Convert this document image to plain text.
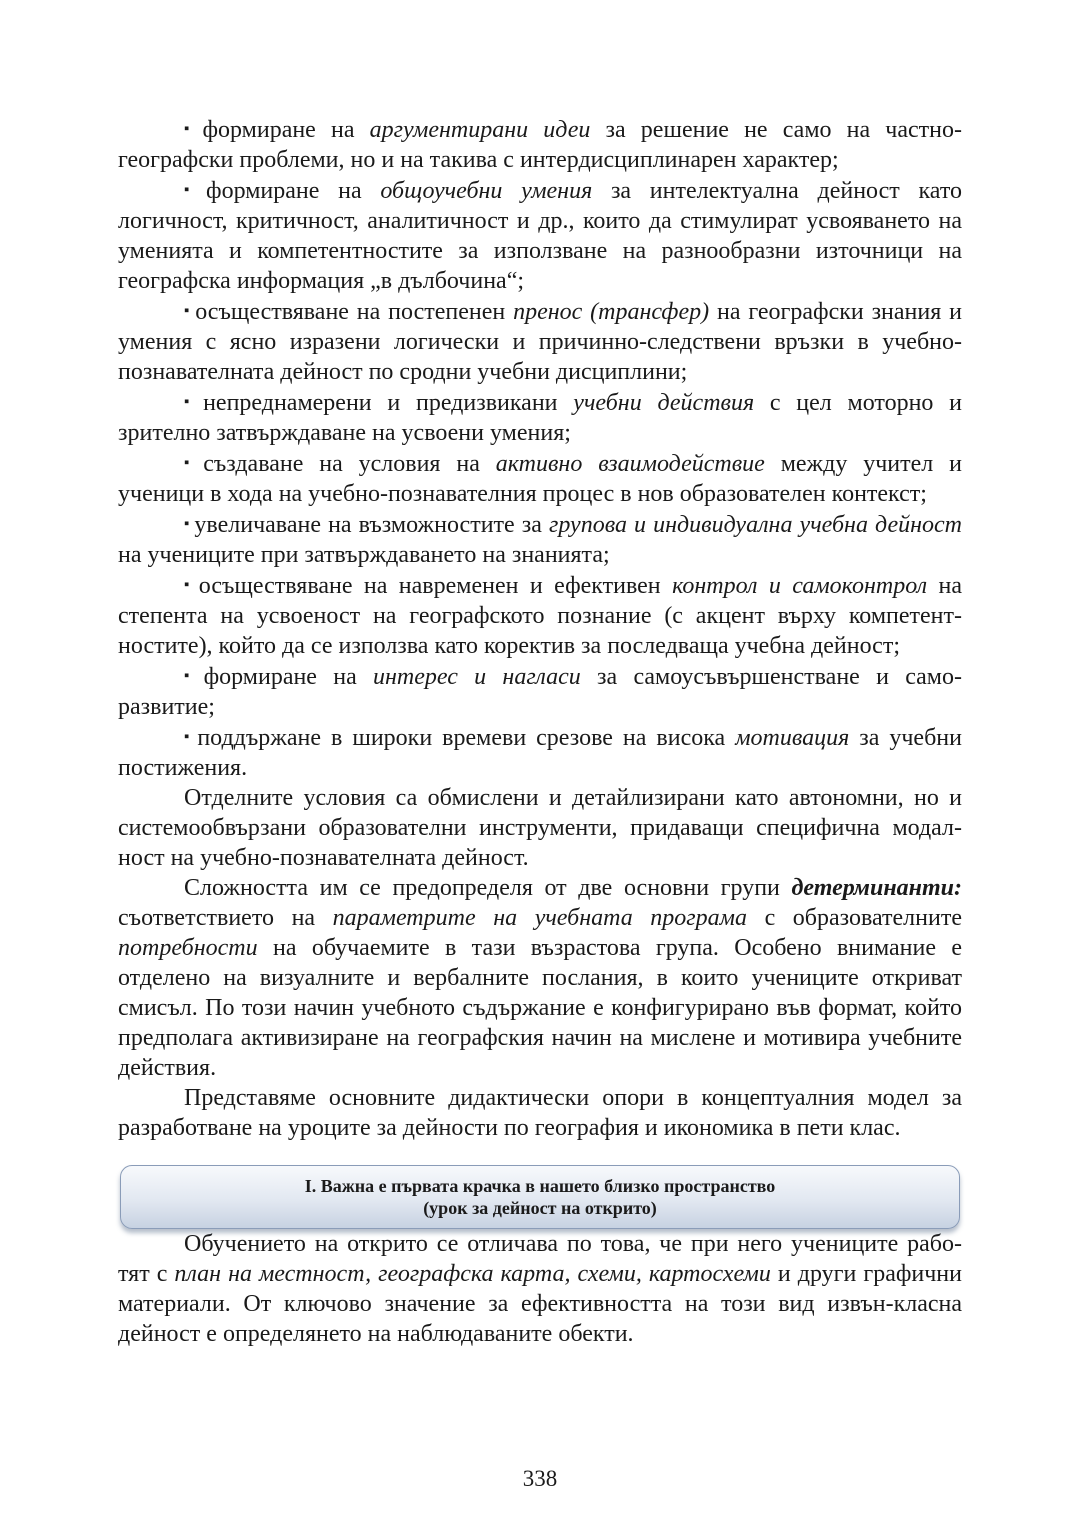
▪ формиране на аргументирани идеи за решение не само на частно-географски проблеми, но и на такива с интердисциплинарен характер;

▪ формиране на общоучебни умения за интелектуална дейност като логичност, критичност, аналитичност и др., които да стимулират усвояването на уменията и компетентностите за използване на разнообразни източници на географска информация „в дълбочина“;

▪ осъществяване на постепенен пренос (трансфер) на географски знания и умения с ясно изразени логически и причинно-следствени връзки в учебно-познавателната дейност по сродни учебни дисциплини;

▪ непреднамерени и предизвикани учебни действия с цел моторно и зрително затвърждаване на усвоени умения;

▪ създаване на условия на активно взаимодействие между учител и ученици в хода на учебно-познавателния процес в нов образователен контекст;

▪ увеличаване на възможностите за групова и индивидуална учебна дейност на учениците при затвърждаването на знанията;

▪ осъществяване на навременен и ефективен контрол и самоконтрол на степента на усвоеност на географското познание (с акцент върху компетент-ностите), който да се използва като коректив за последваща учебна дейност;

▪ формиране на интерес и нагласи за самоусъвършенстване и само-развитие;

▪ поддържане в широки времеви срезове на висока мотивация за учебни постижения.

Отделните условия са обмислени и детайлизирани като автономни, но и системообвързани образователни инструменти, придаващи специфична модал-ност на учебно-познавателната дейност.

Сложността им се предопределя от две основни групи детерминанти: съответствието на параметрите на учебната програма с образователните потребности на обучаемите в тази възрастова група. Особено внимание е отделено на визуалните и вербалните послания, в които учениците откриват смисъл. По този начин учебното съдържание е конфигурирано във формат, който предполага активизиране на географския начин на мислене и мотивира учебните действия.

Представяме основните дидактически опори в концептуалния модел за разработване на уроците за дейности по география и икономика в пети клас.

I. Важна е първата крачка в нашето близко пространство
(урок за дейност на открито)

Обучението на открито се отличава по това, че при него учениците рабо-тят с план на местност, географска карта, схеми, картосхеми и други графични материали. От ключово значение за ефективността на този вид извън-класна дейност е определянето на наблюдаваните обекти.

338
